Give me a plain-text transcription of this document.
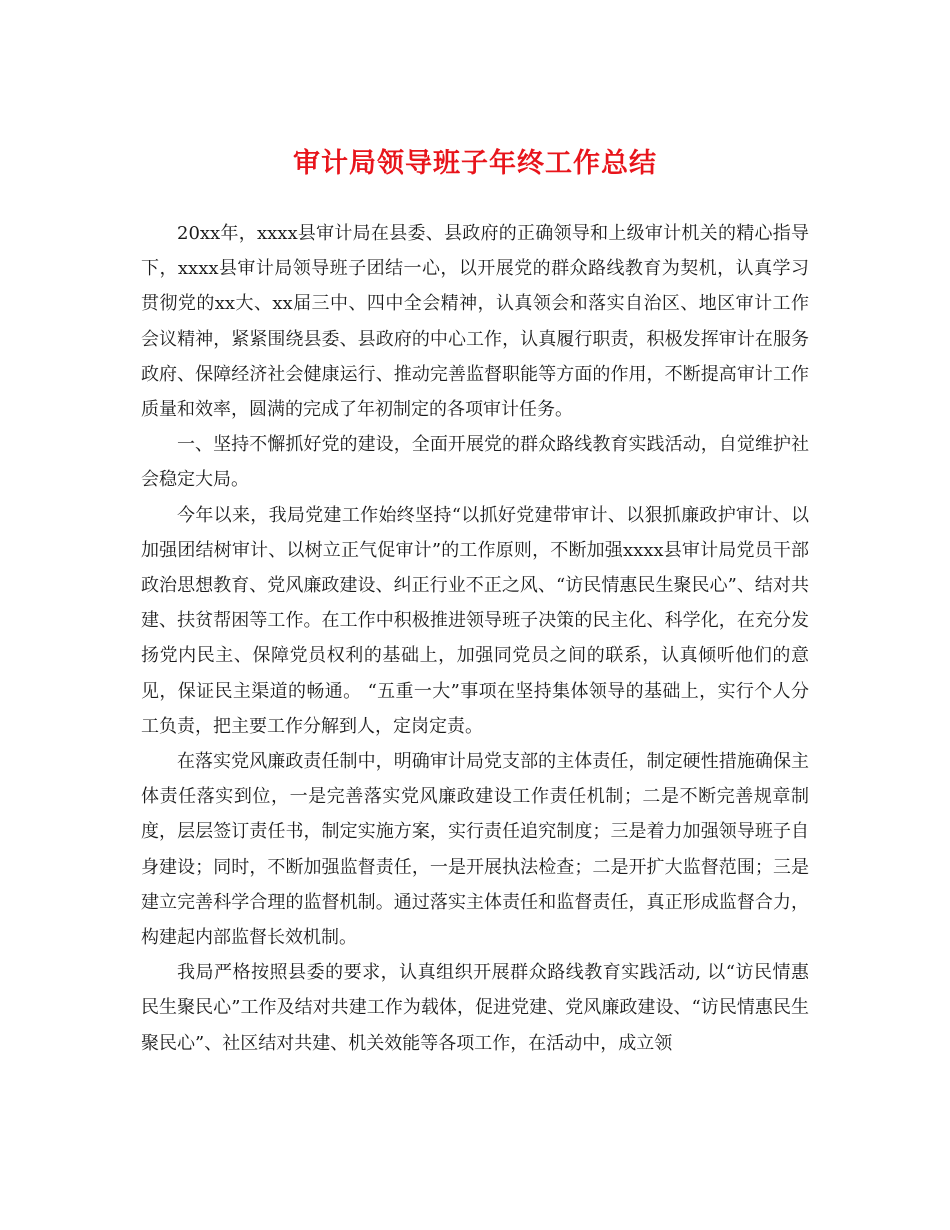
审计局领导班子年终工作总结

20xx年，xxxx县审计局在县委、县政府的正确领导和上级审计机关的精心指导下，xxxx县审计局领导班子团结一心，以开展党的群众路线教育为契机，认真学习贯彻党的xx大、xx届三中、四中全会精神，认真领会和落实自治区、地区审计工作会议精神，紧紧围绕县委、县政府的中心工作，认真履行职责，积极发挥审计在服务政府、保障经济社会健康运行、推动完善监督职能等方面的作用，不断提高审计工作质量和效率，圆满的完成了年初制定的各项审计任务。

一、坚持不懈抓好党的建设，全面开展党的群众路线教育实践活动，自觉维护社会稳定大局。

今年以来，我局党建工作始终坚持“以抓好党建带审计、以狠抓廉政护审计、以加强团结树审计、以树立正气促审计”的工作原则，不断加强xxxx县审计局党员干部政治思想教育、党风廉政建设、纠正行业不正之风、“访民情惠民生聚民心”、结对共建、扶贫帮困等工作。在工作中积极推进领导班子决策的民主化、科学化，在充分发扬党内民主、保障党员权利的基础上，加强同党员之间的联系，认真倾听他们的意见，保证民主渠道的畅通。 “五重一大”事项在坚持集体领导的基础上，实行个人分工负责，把主要工作分解到人，定岗定责。

在落实党风廉政责任制中，明确审计局党支部的主体责任，制定硬性措施确保主体责任落实到位，一是完善落实党风廉政建设工作责任机制；二是不断完善规章制度，层层签订责任书，制定实施方案，实行责任追究制度；三是着力加强领导班子自身建设；同时，不断加强监督责任，一是开展执法检查；二是开扩大监督范围；三是建立完善科学合理的监督机制。通过落实主体责任和监督责任，真正形成监督合力，构建起内部监督长效机制。

我局严格按照县委的要求，认真组织开展群众路线教育实践活动, 以“访民情惠民生聚民心”工作及结对共建工作为载体，促进党建、党风廉政建设、“访民情惠民生聚民心”、社区结对共建、机关效能等各项工作，在活动中，成立领
